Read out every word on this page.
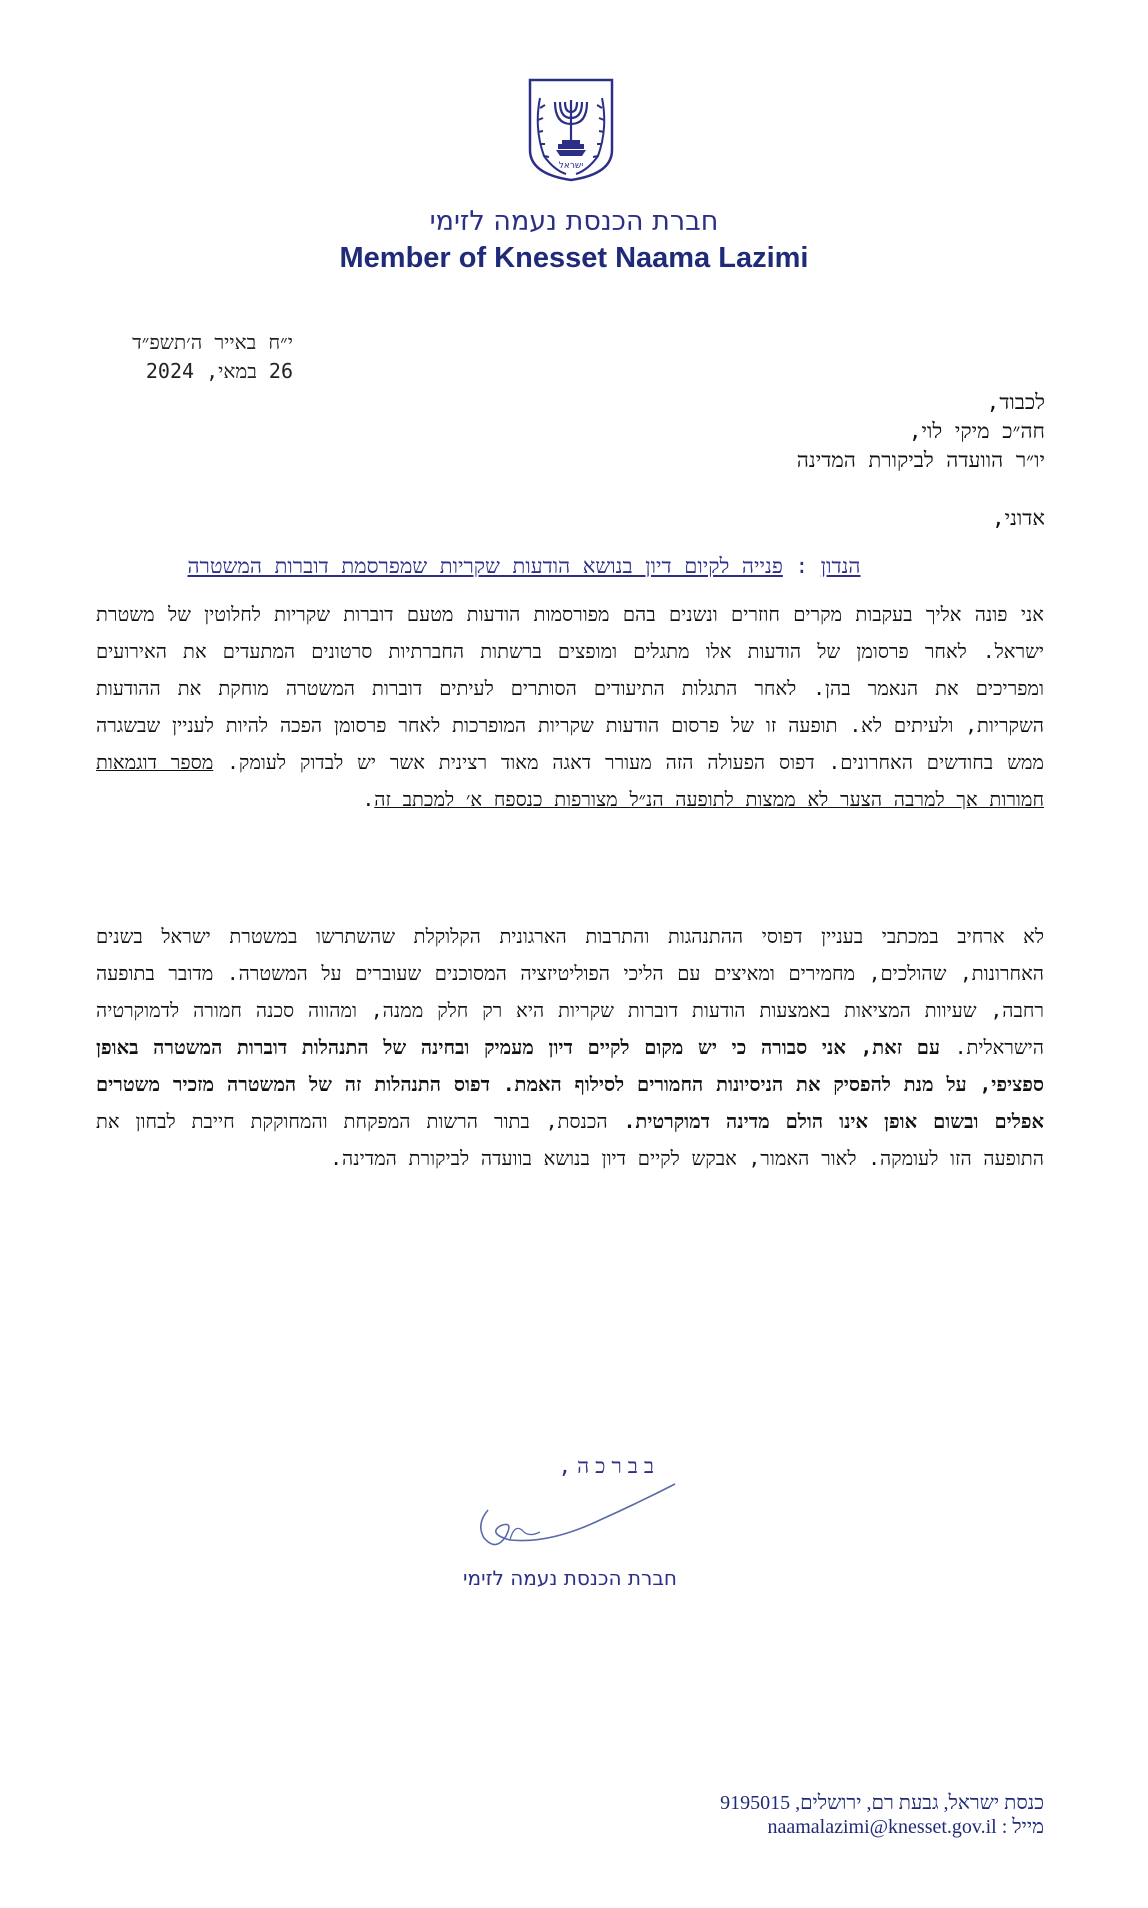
ישראל
חברת הכנסת נעמה לזימי
Member of Knesset Naama Lazimi
י״ח באייר ה׳תשפ״ד
26 במאי, 2024
לכבוד,
חה״כ מיקי לוי,
יו״ר הוועדה לביקורת המדינה
אדוני,
הנדון : פנייה לקיום דיון בנושא הודעות שקריות שמפרסמת דוברות המשטרה

אני פונה אליך בעקבות מקרים חוזרים ונשנים בהם מפורסמות הודעות מטעם דוברות שקריות לחלוטין של משטרת ישראל. לאחר פרסומן של הודעות אלו מתגלים ומופצים ברשתות החברתיות סרטונים המתעדים את האירועים ומפריכים את הנאמר בהן. לאחר התגלות התיעודים הסותרים לעיתים דוברות המשטרה מוחקת את ההודעות השקריות, ולעיתים לא. תופעה זו של פרסום הודעות שקריות המופרכות לאחר פרסומן הפכה להיות לעניין שבשגרה ממש בחודשים האחרונים. דפוס הפעולה הזה מעורר דאגה מאוד רצינית אשר יש לבדוק לעומק. מספר דוגמאות חמורות אך למרבה הצער לא ממצות לתופעה הנ״ל מצורפות כנספח א׳ למכתב זה.

לא ארחיב במכתבי בעניין דפוסי ההתנהגות והתרבות הארגונית הקלוקלת שהשתרשו במשטרת ישראל בשנים האחרונות, שהולכים, מחמירים ומאיצים עם הליכי הפוליטיזציה המסוכנים שעוברים על המשטרה. מדובר בתופעה רחבה, שעיוות המציאות באמצעות הודעות דוברות שקריות היא רק חלק ממנה, ומהווה סכנה חמורה לדמוקרטיה הישראלית. עם זאת, אני סבורה כי יש מקום לקיים דיון מעמיק ובחינה של התנהלות דוברות המשטרה באופן ספציפי, על מנת להפסיק את הניסיונות החמורים לסילוף האמת. דפוס התנהלות זה של המשטרה מזכיר משטרים אפלים ובשום אופן אינו הולם מדינה דמוקרטית. הכנסת, בתור הרשות המפקחת והמחוקקת חייבת לבחון את התופעה הזו לעומקה. לאור האמור, אבקש לקיים דיון בנושא בוועדה לביקורת המדינה.

בברכה,
חברת הכנסת נעמה לזימי
כנסת ישראל, גבעת רם, ירושלים, 9195015
מייל : naamalazimi@knesset.gov.il
